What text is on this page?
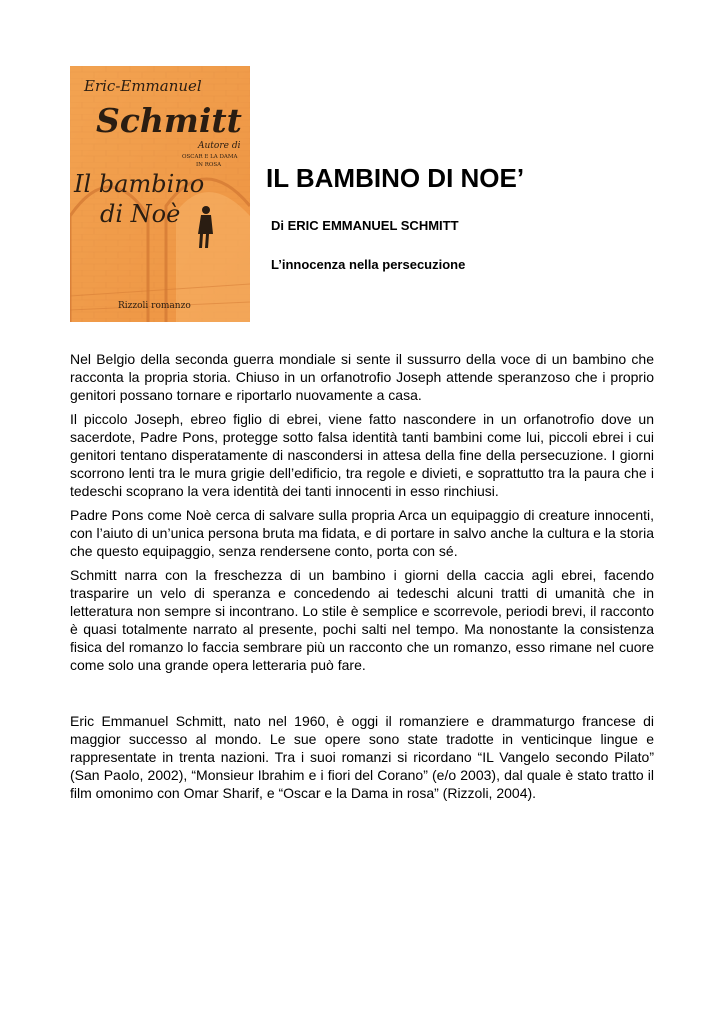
Eric-Emmanuel
Schmitt
Autore di
OSCAR E LA DAMA
IN ROSA
Il bambino
di Noè
Rizzoli romanzo
IL BAMBINO DI NOE’
Di ERIC EMMANUEL SCHMITT
L’innocenza nella persecuzione

Nel Belgio della seconda guerra mondiale si sente il sussurro della voce di un bambino che racconta la propria storia. Chiuso in un orfanotrofio Joseph attende speranzoso che i proprio genitori possano tornare e riportarlo nuovamente a casa.

Il piccolo Joseph, ebreo figlio di ebrei, viene fatto nascondere in un orfanotrofio dove un sacerdote, Padre Pons, protegge sotto falsa identità tanti bambini come lui, piccoli ebrei i cui genitori tentano disperatamente di nascondersi in attesa della fine della persecuzione. I giorni scorrono lenti tra le mura grigie dell’edificio, tra regole e divieti, e soprattutto tra la paura che i tedeschi scoprano la vera identità dei tanti innocenti in esso rinchiusi.

Padre Pons come Noè cerca di salvare sulla propria Arca un equipaggio di creature innocenti, con l’aiuto di un’unica persona bruta ma fidata, e di portare in salvo anche la cultura e la storia che questo equipaggio, senza rendersene conto, porta con sé.

Schmitt narra con la freschezza di un bambino i giorni della caccia agli ebrei, facendo trasparire un velo di speranza e concedendo ai tedeschi alcuni tratti di umanità che in letteratura non sempre si incontrano. Lo stile è semplice e scorrevole, periodi brevi, il racconto è quasi totalmente narrato al presente, pochi salti nel tempo. Ma nonostante la consistenza fisica del romanzo lo faccia sembrare più un racconto che un romanzo, esso rimane nel cuore come solo una grande opera letteraria può fare.

Eric Emmanuel Schmitt, nato nel 1960, è oggi il romanziere e drammaturgo francese di maggior successo al mondo. Le sue opere sono state tradotte in venticinque lingue e rappresentate in trenta nazioni. Tra i suoi romanzi si ricordano “IL Vangelo secondo Pilato” (San Paolo, 2002), “Monsieur Ibrahim e i fiori del Corano” (e/o 2003), dal quale è stato tratto il film omonimo con Omar Sharif, e “Oscar e la Dama in rosa” (Rizzoli, 2004).
